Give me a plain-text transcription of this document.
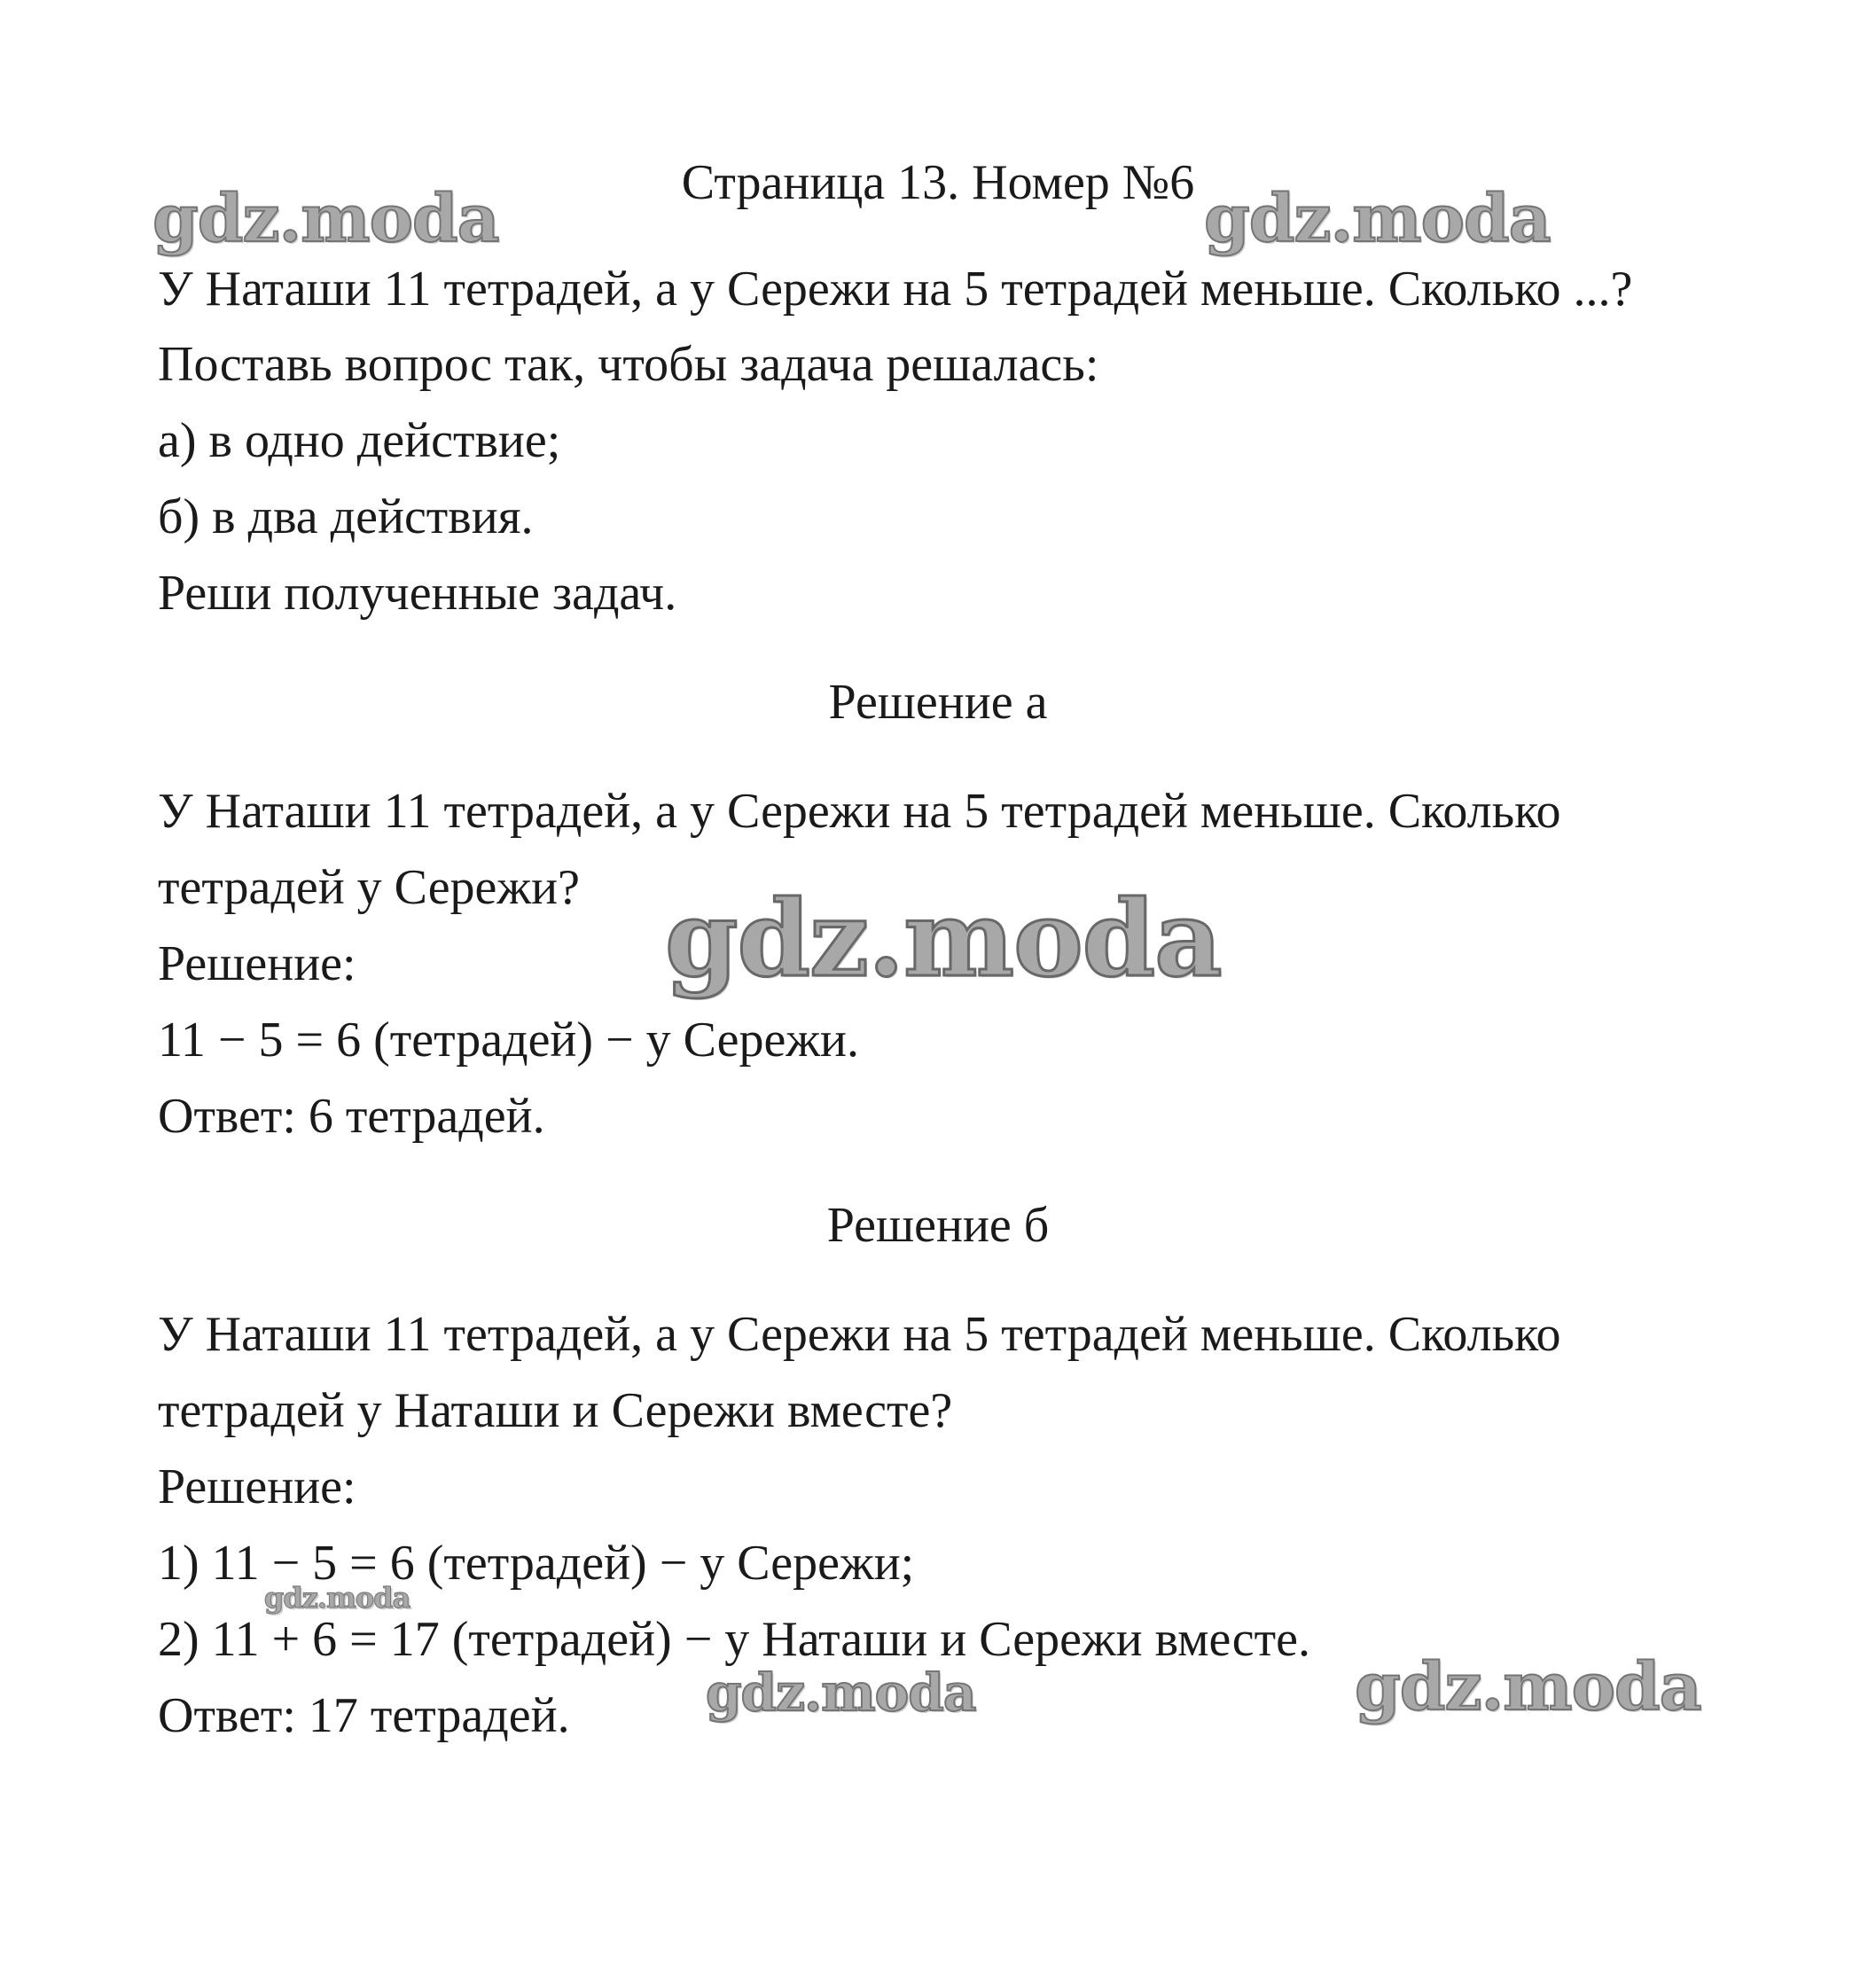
Страница 13. Номер №6
У Наташи 11 тетрадей, а у Сережи на 5 тетрадей меньше. Сколько ...?
Поставь вопрос так, чтобы задача решалась:
а) в одно действие;
б) в два действия.
Реши полученные задач.
Решение а
У Наташи 11 тетрадей, а у Сережи на 5 тетрадей меньше. Сколько
тетрадей у Сережи?
Решение:
11 − 5 = 6 (тетрадей) − у Сережи.
Ответ: 6 тетрадей.
Решение б
У Наташи 11 тетрадей, а у Сережи на 5 тетрадей меньше. Сколько
тетрадей у Наташи и Сережи вместе?
Решение:
1) 11 − 5 = 6 (тетрадей) − у Сережи;
2) 11 + 6 = 17 (тетрадей) − у Наташи и Сережи вместе.
Ответ: 17 тетрадей.
gdz.moda	gdz.moda
gdz.moda
gdz.moda
gdz.moda	gdz.moda
